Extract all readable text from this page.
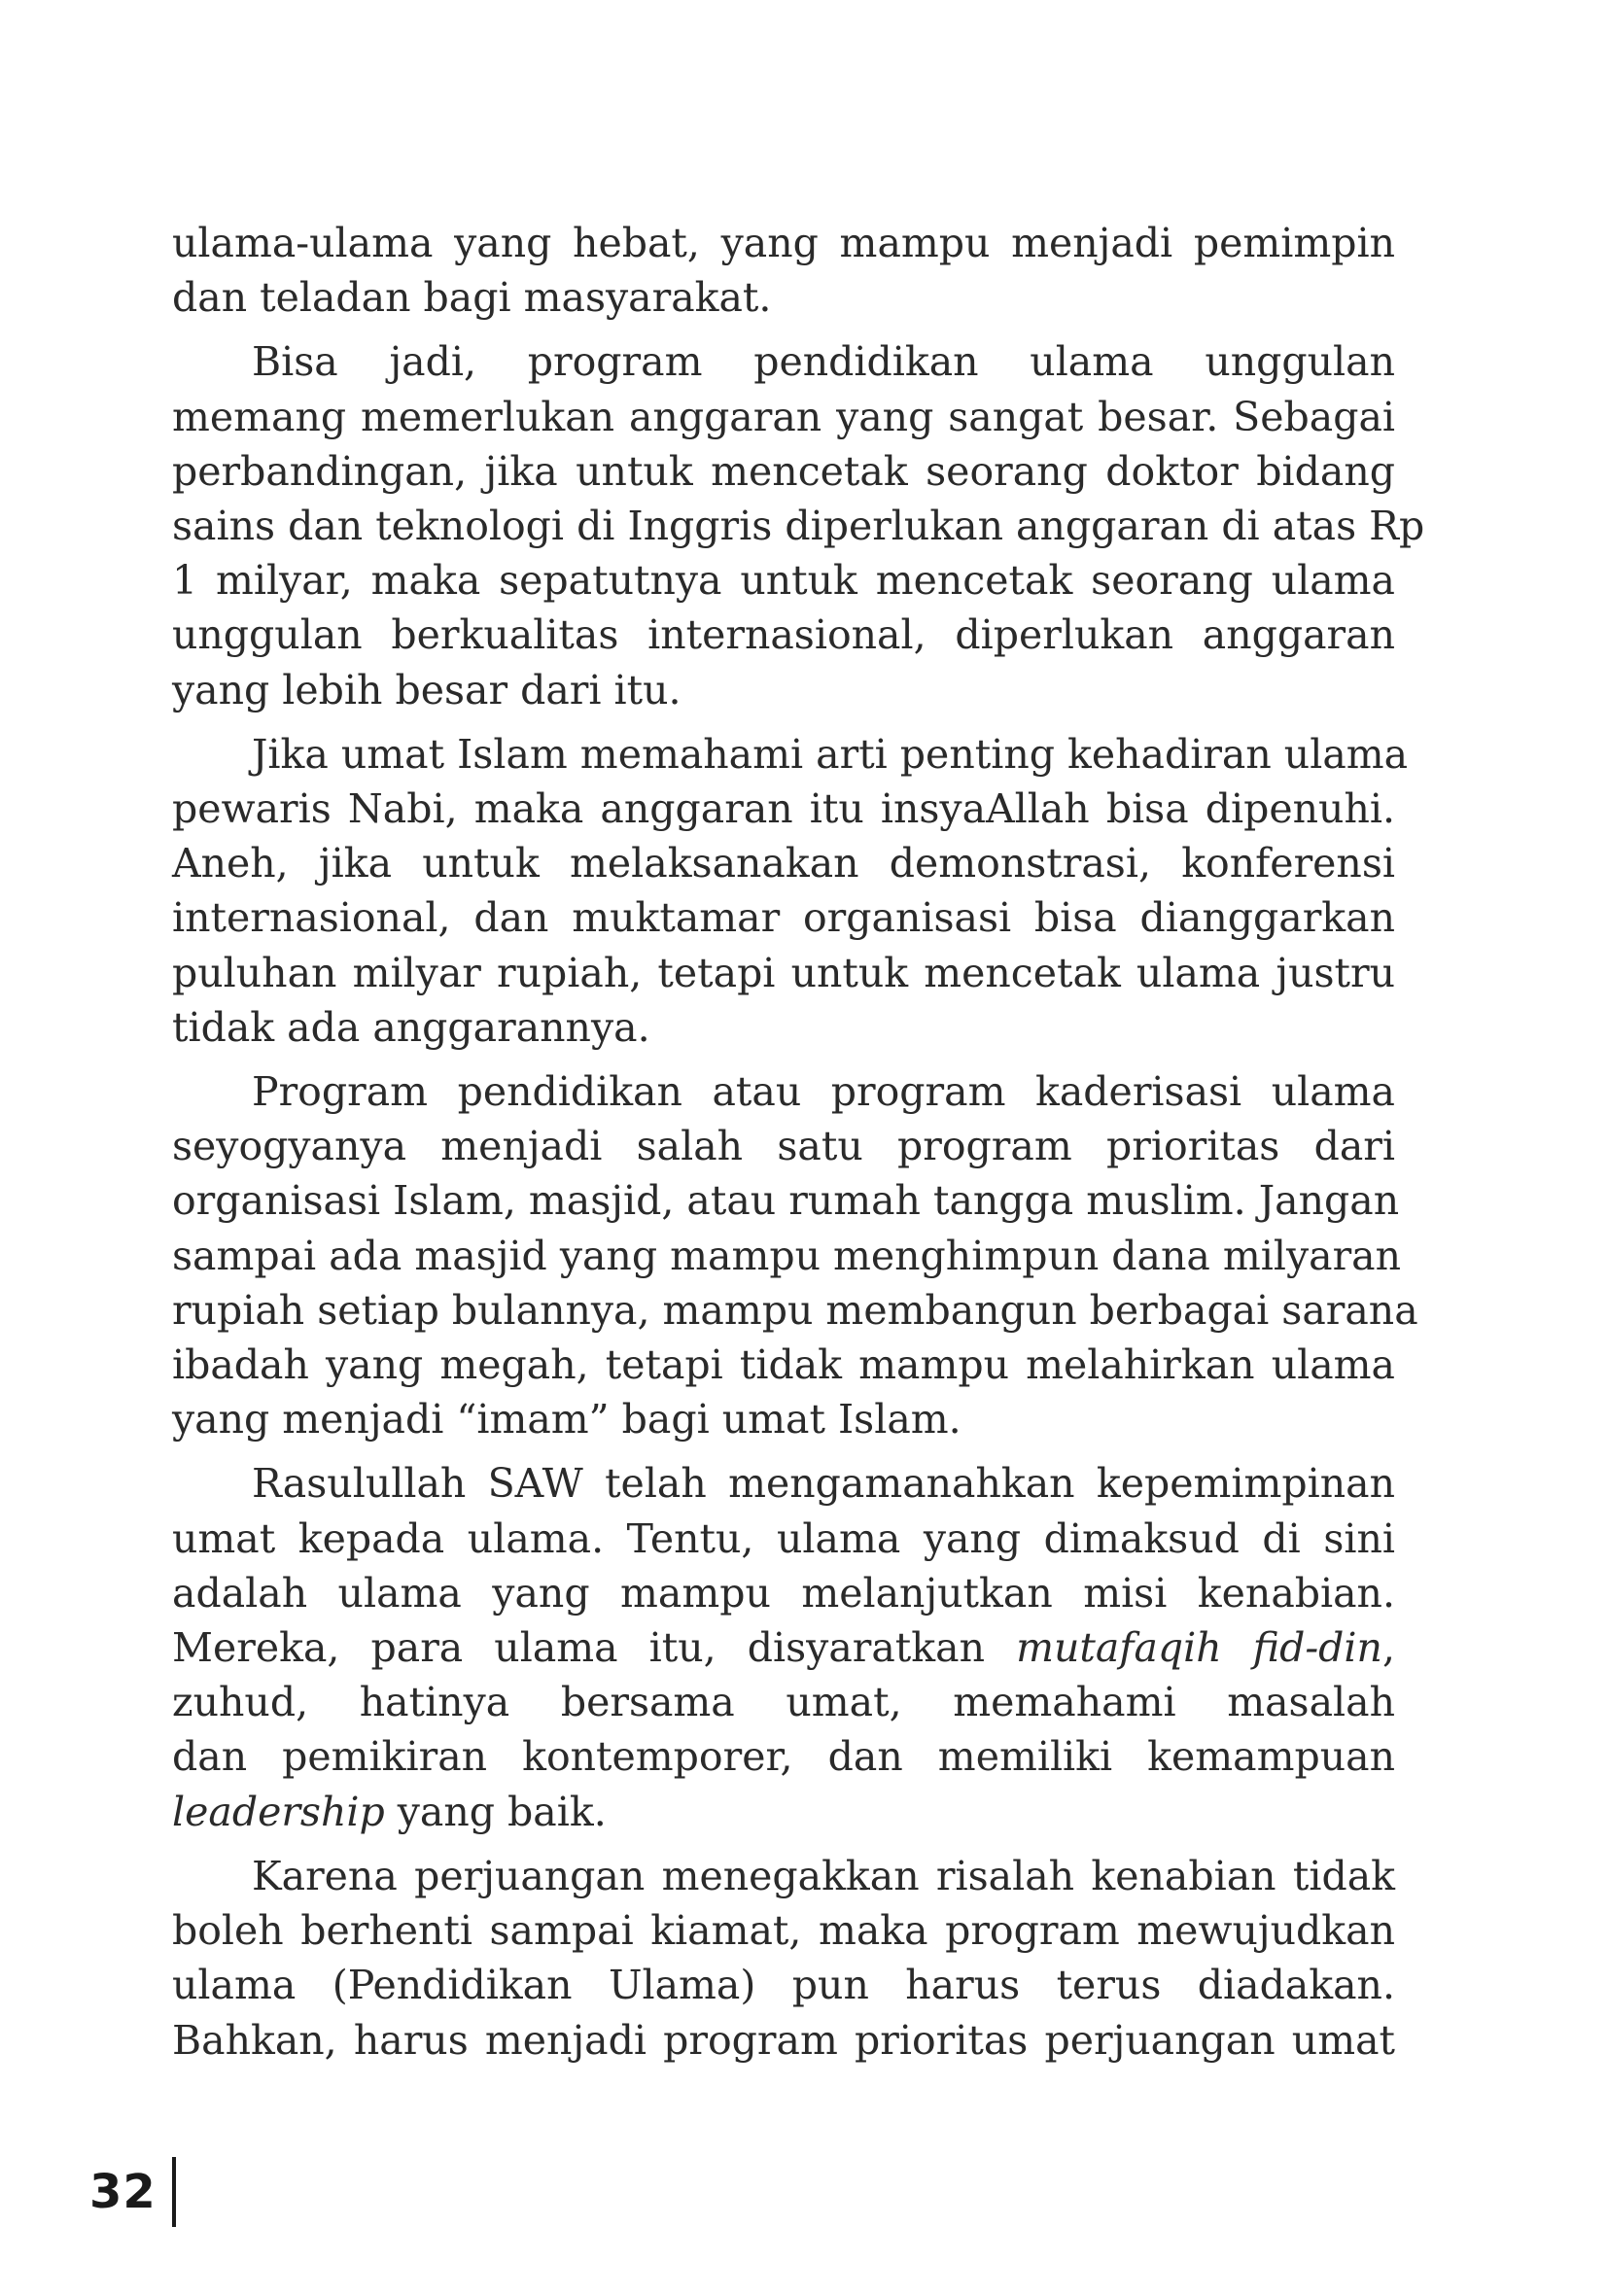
ulama-ulama yang hebat, yang mampu menjadi pemimpin
dan teladan bagi masyarakat.

Bisa jadi, program pendidikan ulama unggulan
memang memerlukan anggaran yang sangat besar. Sebagai
perbandingan, jika untuk mencetak seorang doktor bidang
sains dan teknologi di Inggris diperlukan anggaran di atas Rp
1 milyar, maka sepatutnya untuk mencetak seorang ulama
unggulan berkualitas internasional, diperlukan anggaran
yang lebih besar dari itu.

Jika umat Islam memahami arti penting kehadiran ulama
pewaris Nabi, maka anggaran itu insyaAllah bisa dipenuhi.
Aneh, jika untuk melaksanakan demonstrasi, konferensi
internasional, dan muktamar organisasi bisa dianggarkan
puluhan milyar rupiah, tetapi untuk mencetak ulama justru
tidak ada anggarannya.

Program pendidikan atau program kaderisasi ulama
seyogyanya menjadi salah satu program prioritas dari
organisasi Islam, masjid, atau rumah tangga muslim. Jangan
sampai ada masjid yang mampu menghimpun dana milyaran
rupiah setiap bulannya, mampu membangun berbagai sarana
ibadah yang megah, tetapi tidak mampu melahirkan ulama
yang menjadi “imam” bagi umat Islam.

Rasulullah SAW telah mengamanahkan kepemimpinan
umat kepada ulama. Tentu, ulama yang dimaksud di sini
adalah ulama yang mampu melanjutkan misi kenabian.
Mereka, para ulama itu, disyaratkan mutafaqih fid-din,
zuhud, hatinya bersama umat, memahami masalah
dan pemikiran kontemporer, dan memiliki kemampuan
leadership yang baik.

Karena perjuangan menegakkan risalah kenabian tidak
boleh berhenti sampai kiamat, maka program mewujudkan
ulama (Pendidikan Ulama) pun harus terus diadakan.
Bahkan, harus menjadi program prioritas perjuangan umat

32
